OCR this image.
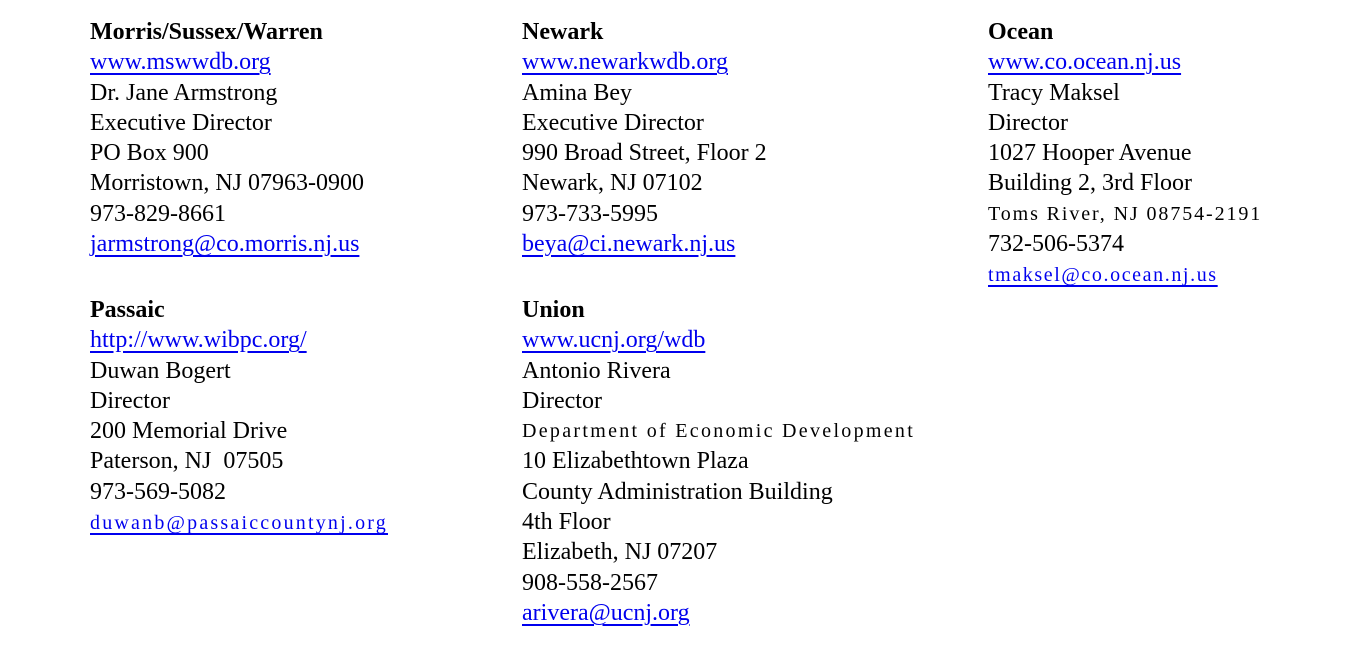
Morris/Sussex/Warren
www.mswwdb.org
Dr. Jane Armstrong
Executive Director
PO Box 900
Morristown, NJ 07963-0900
973-829-8661
jarmstrong@co.morris.nj.us
Newark
www.newarkwdb.org
Amina Bey
Executive Director
990 Broad Street, Floor 2
Newark, NJ 07102
973-733-5995
beya@ci.newark.nj.us
Ocean
www.co.ocean.nj.us
Tracy Maksel
Director
1027 Hooper Avenue
Building 2, 3rd Floor
Toms River, NJ 08754-2191
732-506-5374
tmaksel@co.ocean.nj.us
Passaic
http://www.wibpc.org/
Duwan Bogert
Director
200 Memorial Drive
Paterson, NJ  07505
973-569-5082
duwanb@passaiccountynj.org
Union
www.ucnj.org/wdb
Antonio Rivera
Director
Department of Economic Development
10 Elizabethtown Plaza
County Administration Building
4th Floor
Elizabeth, NJ 07207
908-558-2567
arivera@ucnj.org
